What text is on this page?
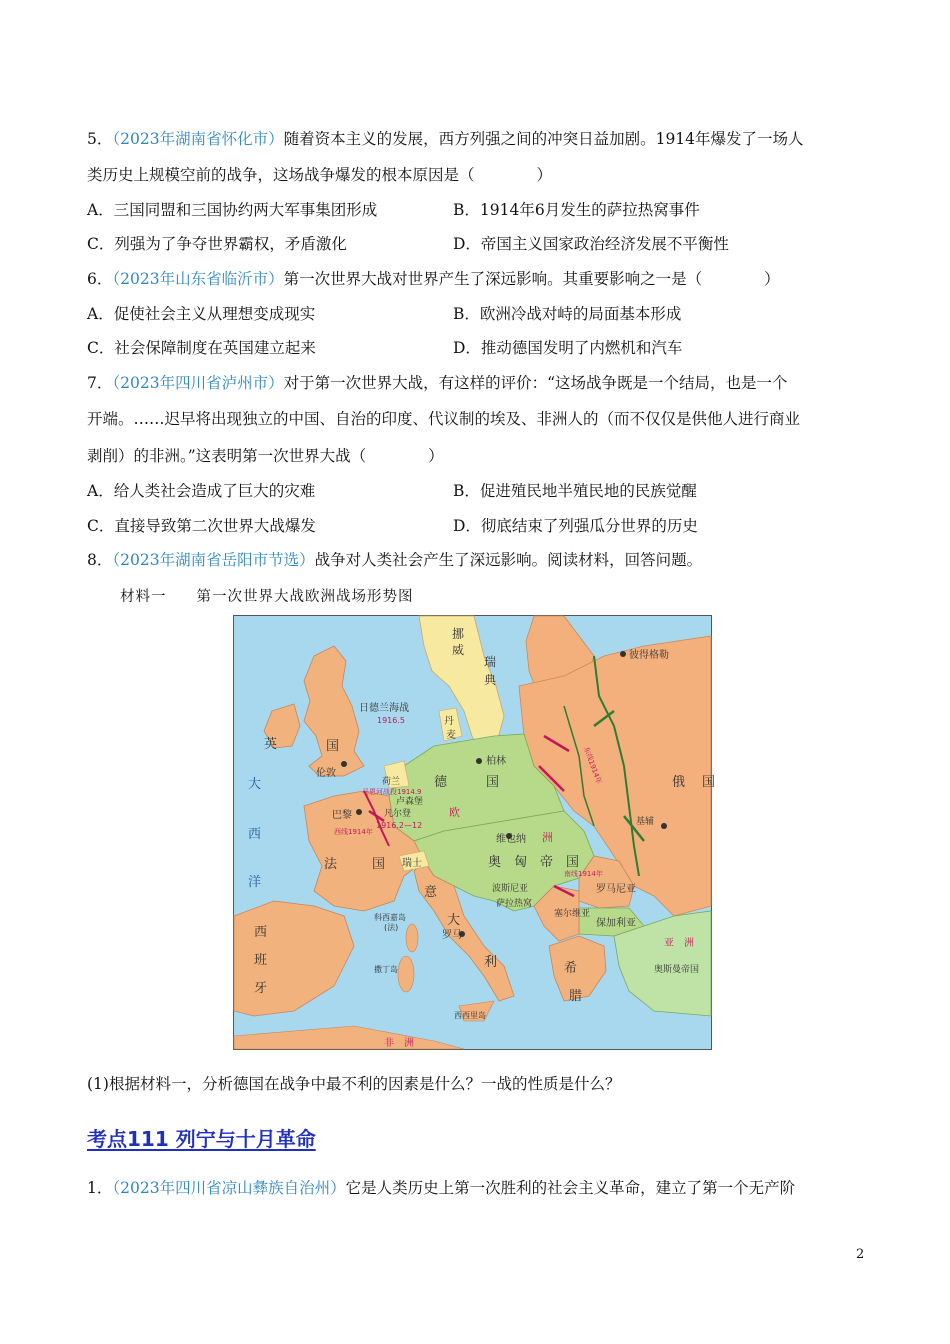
5．（2023年湖南省怀化市）随着资本主义的发展，西方列强之间的冲突日益加剧。1914年爆发了一场人
类历史上规模空前的战争，这场战争爆发的根本原因是（　　　　）
A．三国同盟和三国协约两大军事集团形成	B．1914年6月发生的萨拉热窝事件
C．列强为了争夺世界霸权，矛盾激化	D．帝国主义国家政治经济发展不平衡性
6．（2023年山东省临沂市）第一次世界大战对世界产生了深远影响。其重要影响之一是（　　　　）
A．促使社会主义从理想变成现实	B．欧洲冷战对峙的局面基本形成
C．社会保障制度在英国建立起来	D．推动德国发明了内燃机和汽车
7．（2023年四川省泸州市）对于第一次世界大战，有这样的评价：“这场战争既是一个结局，也是一个
开端。……迟早将出现独立的中国、自治的印度、代议制的埃及、非洲人的（而不仅仅是供他人进行商业
剥削）的非洲。”这表明第一次世界大战（　　　　）
A．给人类社会造成了巨大的灾难	B．促进殖民地半殖民地的民族觉醒
C．直接导致第二次世界大战爆发	D．彻底结束了列强瓜分世界的历史
8．（2023年湖南省岳阳市节选）战争对人类社会产生了深远影响。阅读材料，回答问题。
材料一 第一次世界大战欧洲战场形势图
挪
威
瑞
典
彼得格勒
日德兰海战
1916.5	丹
麦
英	国
大
西
洋
伦敦
荷兰
柏林
德	国
卢森堡
凡尔登
1916.2—12
马恩河战役1914.9
巴黎
西线1914年
欧
洲
俄 国
基辅
东线1914年
维也纳
法	国 瑞士	奥　匈　帝　国
波斯尼亚
萨拉热窝
罗马尼亚
南线1914年
塞尔维亚
保加利亚
意
大
利
罗马
西
班
牙
科西嘉岛
(法)
撒丁岛	希
腊
奥斯曼帝国
亚　洲
西西里岛
非　洲
(1)根据材料一，分析德国在战争中最不利的因素是什么？一战的性质是什么？
考点111 列宁与十月革命
1．（2023年四川省凉山彝族自治州）它是人类历史上第一次胜利的社会主义革命，建立了第一个无产阶
2
